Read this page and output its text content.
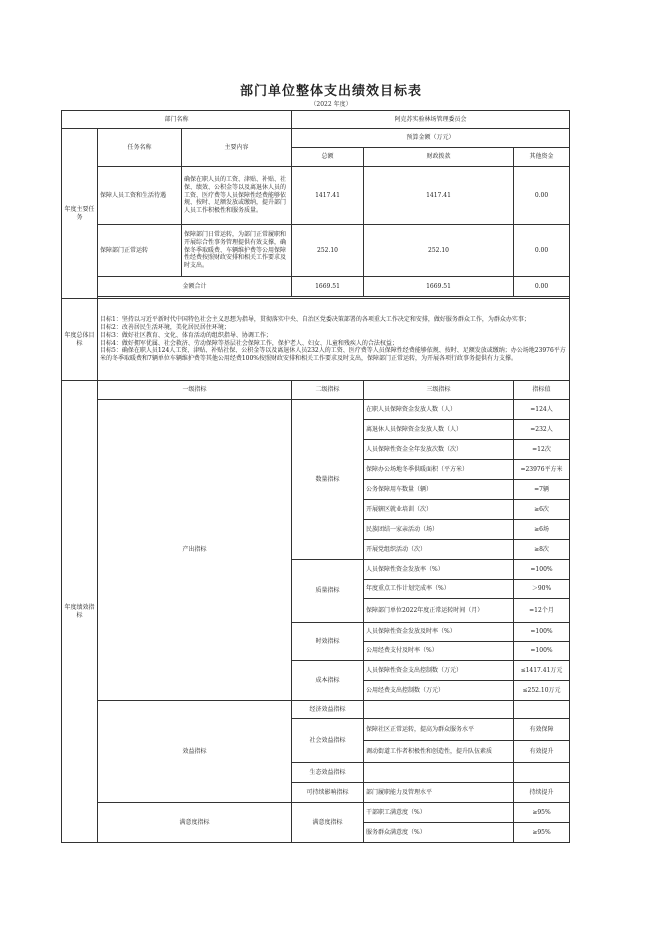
部门单位整体支出绩效目标表
（2022 年度）
部门名称			阿克苏实验林场管理委员会		
年度主要任务	任务名称	主要内容	预算金额（万元）		
			总额	财政拨款	其他资金
	保障人员工资和生活待遇	确保在职人员的工资、津贴、补贴、社保、绩效、公积金等以及离退休人员的工资、医疗费等人员保障性经费能够依规、按时、足额发放或缴纳，提升部门人员工作积极性和服务质量。	1417.41	1417.41	0.00
	保障部门正常运转	保障部门日常运转，为部门正常履职和开展综合性事务管理提供有效支撑，确保冬季取暖费、车辆维护费等公用保障性经费按照财政安排和相关工作要求及时支出。	252.10	252.10	0.00
	金额合计		1669.51	1669.51	0.00

年度总体目标	目标1：坚持以习近平新时代中国特色社会主义思想为指导，贯彻落实中央、自治区党委决策部署的各项重大工作决定和安排，做好服务群众工作，为群众办实事；
目标2：改善居民生活环境，美化居民居住环境；
目标3：做好社区教育、文化、体育活动的组织指导、协调工作；
目标4：做好拥军优属、社会救济、劳动保障等基层社会保障工作，保护老人、妇女、儿童和残疾人的合法权益；
目标5：确保在职人员124人工资、津贴、补贴社保、公积金等以及离退休人员232人的工资、医疗费等人员保障性经费能够依规、按时、足额发放或缴纳；办公场地23976平方米的冬季取暖费和7辆单位车辆维护费等其他公用经费100%按照财政安排和相关工作要求及时支出，保障部门正常运转，为开展各项行政事务提供有力支撑。				

年度绩效指标	一级指标		二级指标	三级指标	指标值
	产出指标		数量指标	在职人员保障资金发放人数（人）	=124人
				离退休人员保障资金发放人数（人）	=232人
				人员保障性资金全年发放次数（次）	=12次
				保障办公场地冬季供暖面积（平方米）	=23976平方米
				公务保障用车数量（辆）	=7辆
				开展辖区就业培训（次）	≥6次
				民族团结一家亲活动（场）	≥6场
				开展党组织活动（次）	≥8次
			质量指标	人员保障性资金发放率（%）	=100%
				年度重点工作计划完成率（%）	＞90%
				保障部门单位2022年度正常运转时间（月）	=12个月
			时效指标	人员保障性资金发放及时率（%）	=100%
				公用经费支付及时率（%）	=100%
			成本指标	人员保障性资金支出控制数（万元）	≤1417.41万元
				公用经费支出控制数（万元）	≤252.10万元
	效益指标		经济效益指标		
			社会效益指标	保障社区正常运转，提高为群众服务水平	有效保障
				调动街道工作者积极性和创造性，提升队伍素质	有效提升
			生态效益指标		
			可持续影响指标	部门履职能力及管理水平	持续提升
	满意度指标		满意度指标	干部职工满意度（%）	≥95%
				服务群众满意度（%）	≥95%
